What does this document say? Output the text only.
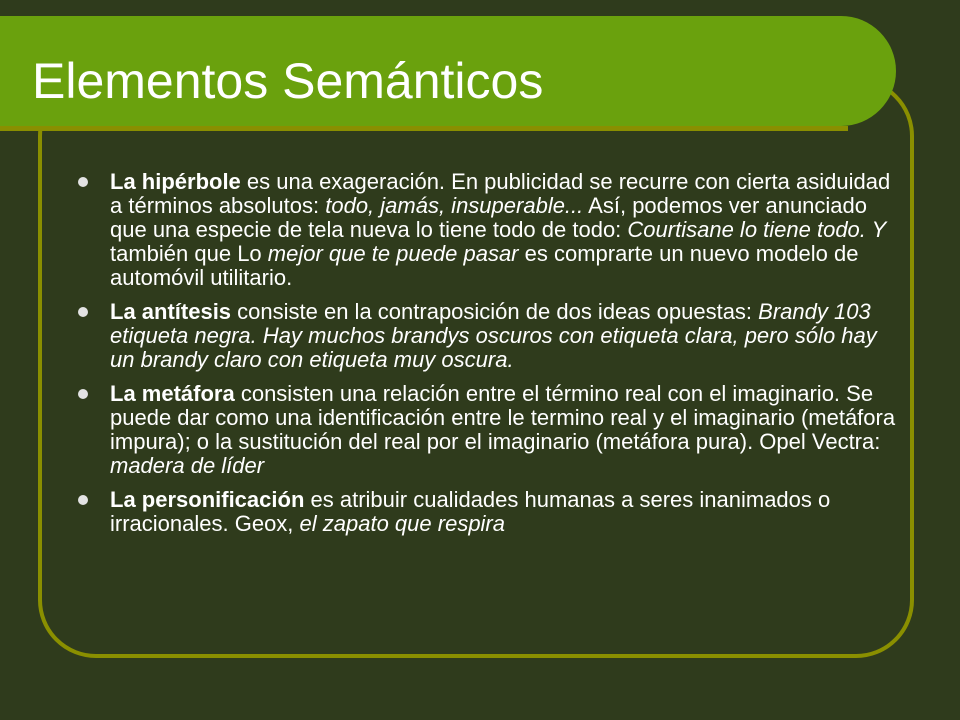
Elementos Semánticos
La hipérbole es una exageración. En publicidad se recurre con cierta asiduidad a términos absolutos: todo, jamás, insuperable... Así, podemos ver anunciado que una especie de tela nueva lo tiene todo de todo: Courtisane lo tiene todo. Y también que Lo mejor que te puede pasar es comprarte un nuevo modelo de automóvil utilitario.
La antítesis consiste en la contraposición de dos ideas opuestas: Brandy 103 etiqueta negra. Hay muchos brandys oscuros con etiqueta clara, pero sólo hay un brandy claro con etiqueta muy oscura.
La metáfora consisten una relación entre el término real con el imaginario. Se puede dar como una identificación entre le termino real y el imaginario (metáfora impura); o la sustitución del real por el imaginario (metáfora pura). Opel Vectra: madera de líder
La personificación es atribuir cualidades humanas a seres inanimados o irracionales. Geox, el zapato que respira
